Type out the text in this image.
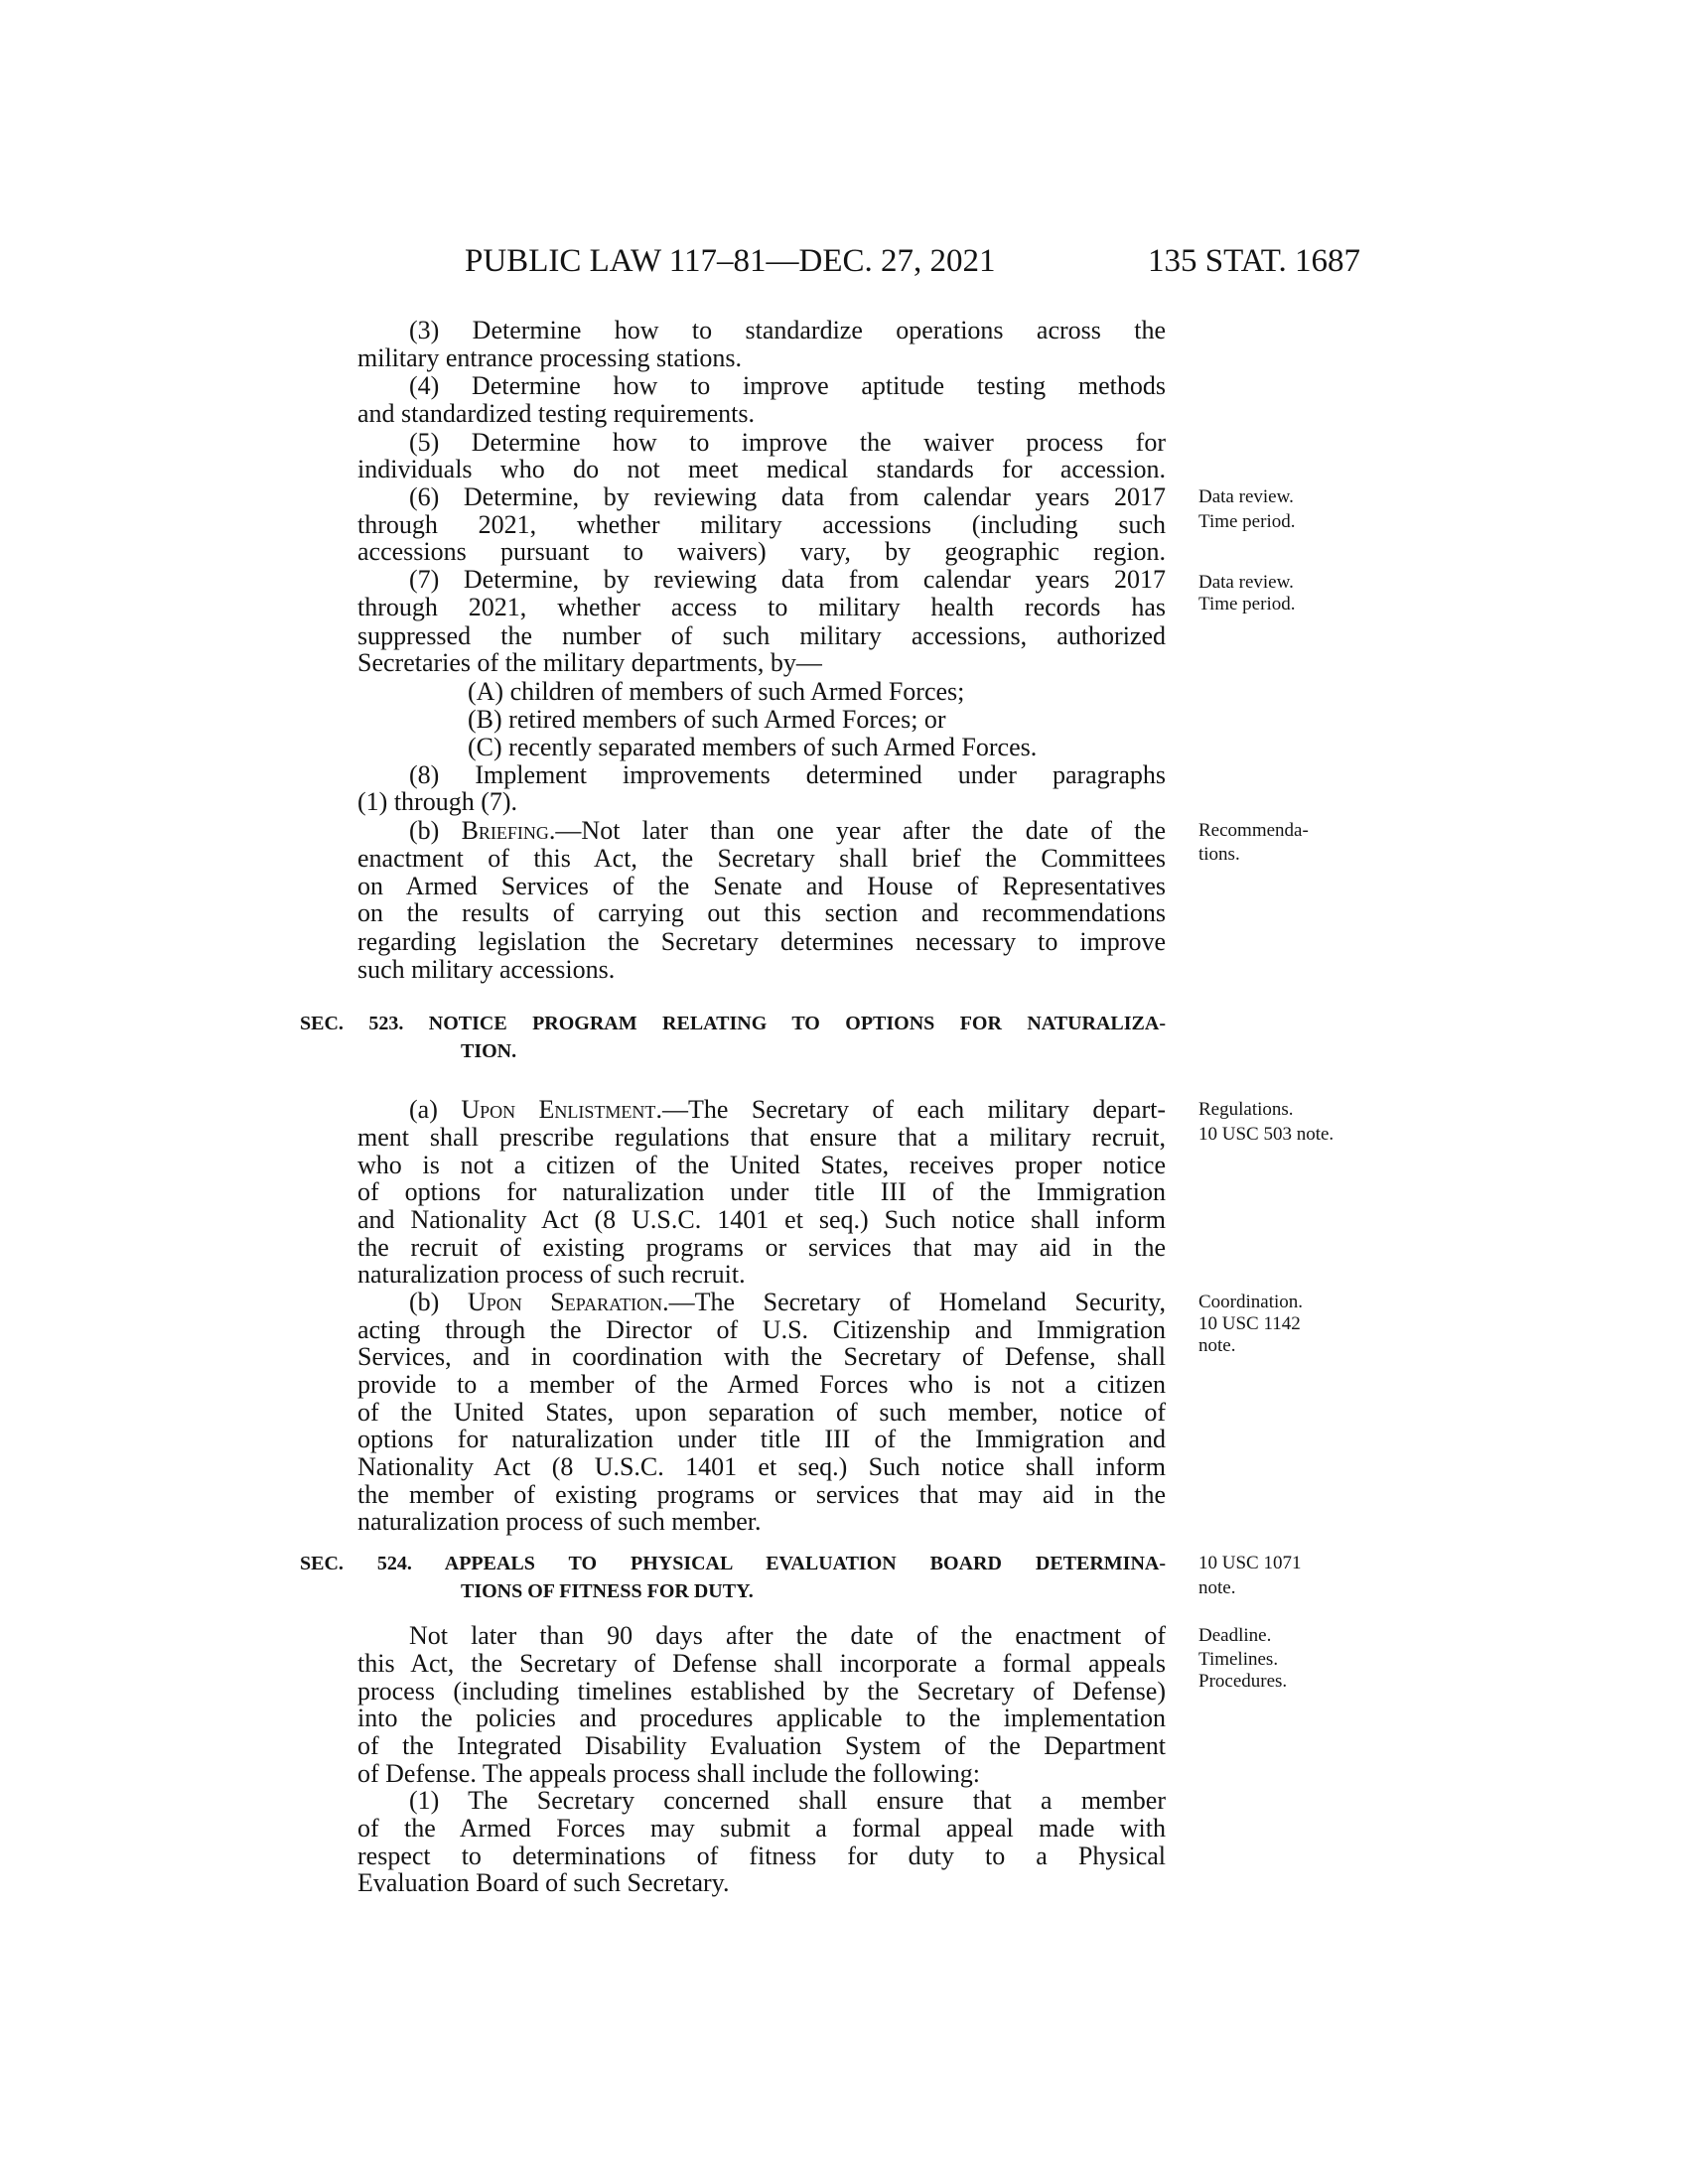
PUBLIC LAW 117–81—DEC. 27, 2021	135 STAT. 1687
(3) Determine how to standardize operations across the
military entrance processing stations.
(4) Determine how to improve aptitude testing methods
and standardized testing requirements.
(5) Determine how to improve the waiver process for
individuals who do not meet medical standards for accession.
(6) Determine, by reviewing data from calendar years 2017
through 2021, whether military accessions (including such
accessions pursuant to waivers) vary, by geographic region.
(7) Determine, by reviewing data from calendar years 2017
through 2021, whether access to military health records has
suppressed the number of such military accessions, authorized
Secretaries of the military departments, by—
(A) children of members of such Armed Forces;
(B) retired members of such Armed Forces; or
(C) recently separated members of such Armed Forces.
(8) Implement improvements determined under paragraphs
(1) through (7).
(b) Briefing.—Not later than one year after the date of the
enactment of this Act, the Secretary shall brief the Committees
on Armed Services of the Senate and House of Representatives
on the results of carrying out this section and recommendations
regarding legislation the Secretary determines necessary to improve
such military accessions.
SEC. 523. NOTICE PROGRAM RELATING TO OPTIONS FOR NATURALIZA-
TION.
(a) Upon Enlistment.—The Secretary of each military depart-
ment shall prescribe regulations that ensure that a military recruit,
who is not a citizen of the United States, receives proper notice
of options for naturalization under title III of the Immigration
and Nationality Act (8 U.S.C. 1401 et seq.) Such notice shall inform
the recruit of existing programs or services that may aid in the
naturalization process of such recruit.
(b) Upon Separation.—The Secretary of Homeland Security,
acting through the Director of U.S. Citizenship and Immigration
Services, and in coordination with the Secretary of Defense, shall
provide to a member of the Armed Forces who is not a citizen
of the United States, upon separation of such member, notice of
options for naturalization under title III of the Immigration and
Nationality Act (8 U.S.C. 1401 et seq.) Such notice shall inform
the member of existing programs or services that may aid in the
naturalization process of such member.
SEC. 524. APPEALS TO PHYSICAL EVALUATION BOARD DETERMINA-
TIONS OF FITNESS FOR DUTY.
Not later than 90 days after the date of the enactment of
this Act, the Secretary of Defense shall incorporate a formal appeals
process (including timelines established by the Secretary of Defense)
into the policies and procedures applicable to the implementation
of the Integrated Disability Evaluation System of the Department
of Defense. The appeals process shall include the following:
(1) The Secretary concerned shall ensure that a member
of the Armed Forces may submit a formal appeal made with
respect to determinations of fitness for duty to a Physical
Evaluation Board of such Secretary.
Data review.
Time period.
Data review.
Time period.
Recommenda-
tions.
Regulations.
10 USC 503 note.
Coordination.
10 USC 1142
note.
10 USC 1071
note.
Deadline.
Timelines.
Procedures.
